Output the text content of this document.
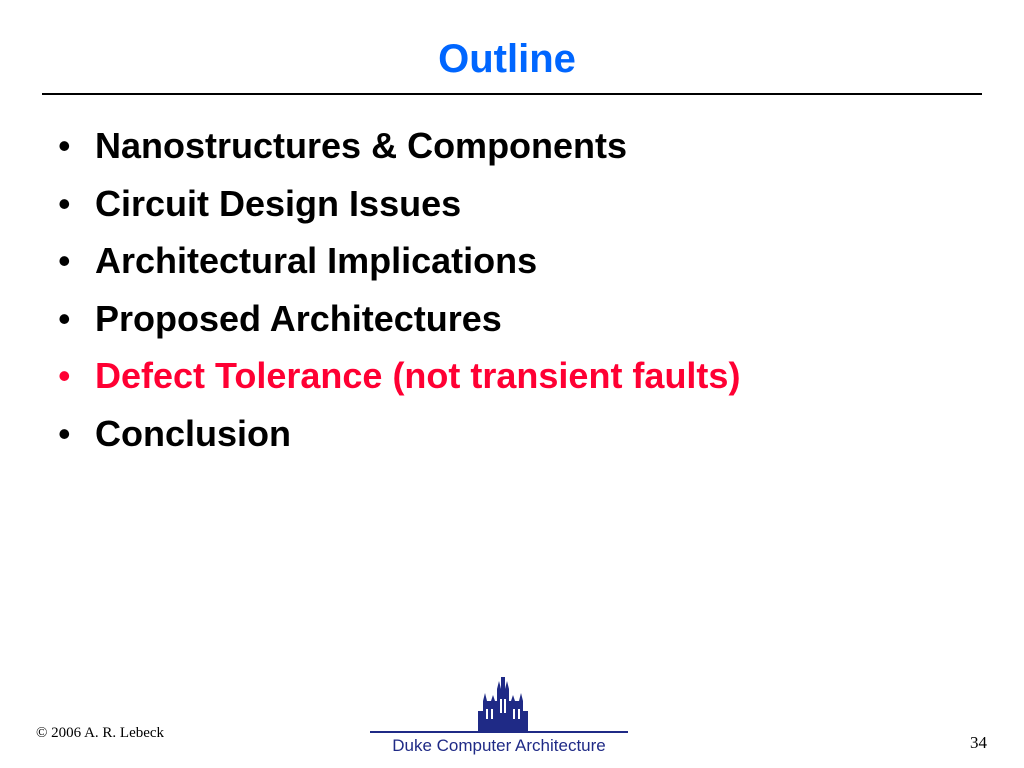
Outline
• Nanostructures & Components
• Circuit Design Issues
• Architectural Implications
• Proposed Architectures
• Defect Tolerance (not transient faults)
• Conclusion
© 2006 A. R. Lebeck
Duke Computer Architecture	34
